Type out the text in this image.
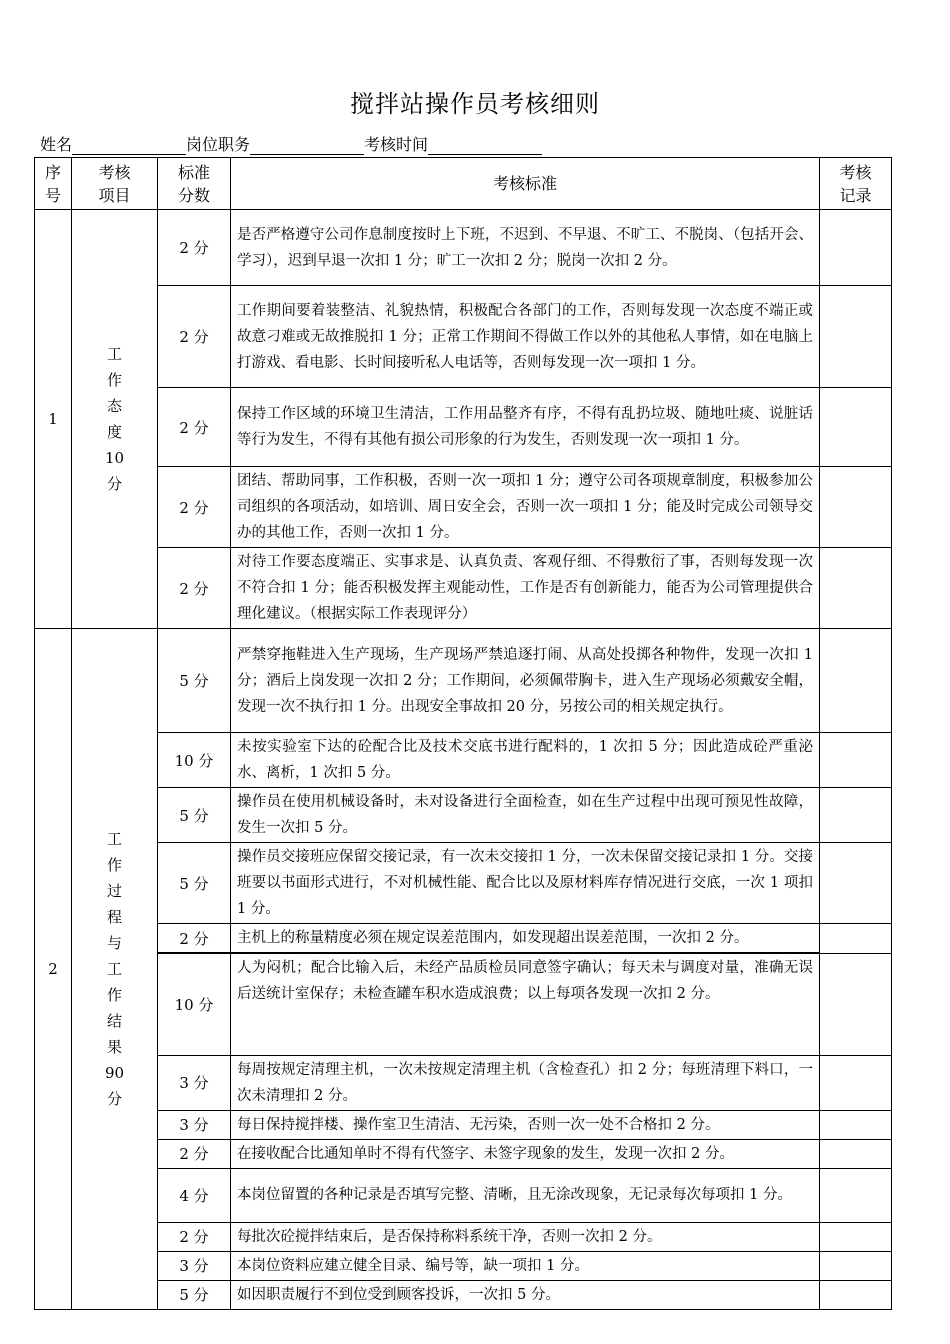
搅拌站操作员考核细则
姓名	岗位职务	考核时间
序号	考核项目	标准分数	考核标准	考核记录
1	工作态度10分	2 分	是否严格遵守公司作息制度按时上下班，不迟到、不早退、不旷工、不脱岗、（包括开会、学习），迟到早退一次扣 1 分；旷工一次扣 2 分；脱岗一次扣 2 分。	
		2 分	工作期间要着装整洁、礼貌热情，积极配合各部门的工作，否则每发现一次态度不端正或故意刁难或无故推脱扣 1 分；正常工作期间不得做工作以外的其他私人事情，如在电脑上打游戏、看电影、长时间接听私人电话等，否则每发现一次一项扣 1 分。	
		2 分	保持工作区域的环境卫生清洁，工作用品整齐有序，不得有乱扔垃圾、随地吐痰、说脏话等行为发生，不得有其他有损公司形象的行为发生，否则发现一次一项扣 1 分。	
		2 分	团结、帮助同事，工作积极，否则一次一项扣 1 分；遵守公司各项规章制度，积极参加公司组织的各项活动，如培训、周日安全会，否则一次一项扣 1 分；能及时完成公司领导交办的其他工作，否则一次扣 1 分。	
		2 分	对待工作要态度端正、实事求是、认真负责、客观仔细、不得敷衍了事，否则每发现一次不符合扣 1 分；能否积极发挥主观能动性，工作是否有创新能力，能否为公司管理提供合理化建议。（根据实际工作表现评分）	
2	工作过程与工作结果90分	5 分	严禁穿拖鞋进入生产现场，生产现场严禁追逐打闹、从高处投掷各种物件，发现一次扣 1 分；酒后上岗发现一次扣 2 分；工作期间，必须佩带胸卡，进入生产现场必须戴安全帽，发现一次不执行扣 1 分。出现安全事故扣 20 分，另按公司的相关规定执行。	
		10 分	未按实验室下达的砼配合比及技术交底书进行配料的，1 次扣 5 分；因此造成砼严重泌水、离析，1 次扣 5 分。	
		5 分	操作员在使用机械设备时，未对设备进行全面检查，如在生产过程中出现可预见性故障，发生一次扣 5 分。	
		5 分	操作员交接班应保留交接记录，有一次未交接扣 1 分，一次未保留交接记录扣 1 分。交接班要以书面形式进行，不对机械性能、配合比以及原材料库存情况进行交底，一次 1 项扣 1 分。	
		2 分	主机上的称量精度必须在规定误差范围内，如发现超出误差范围，一次扣 2 分。	
		10 分	人为闷机；配合比输入后，未经产品质检员同意签字确认；每天未与调度对量，准确无误后送统计室保存；未检查罐车积水造成浪费；以上每项各发现一次扣 2 分。	
		3 分	每周按规定清理主机，一次未按规定清理主机（含检查孔）扣 2 分；每班清理下料口，一次未清理扣 2 分。	
		3 分	每日保持搅拌楼、操作室卫生清洁、无污染，否则一次一处不合格扣 2 分。	
		2 分	在接收配合比通知单时不得有代签字、未签字现象的发生，发现一次扣 2 分。	
		4 分	本岗位留置的各种记录是否填写完整、清晰，且无涂改现象，无记录每次每项扣 1 分。	
		2 分	每批次砼搅拌结束后，是否保持称料系统干净，否则一次扣 2 分。	
		3 分	本岗位资料应建立健全目录、编号等，缺一项扣 1 分。	
		5 分	如因职责履行不到位受到顾客投诉，一次扣 5 分。	
